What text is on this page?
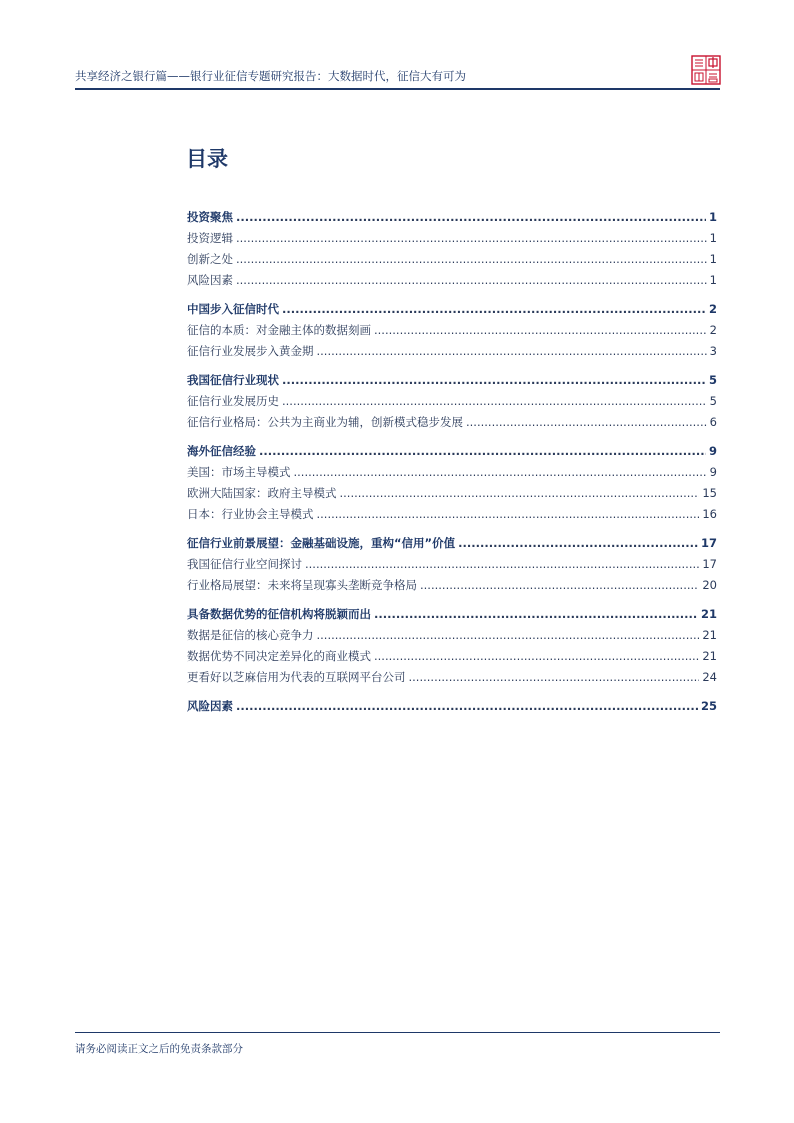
共享经济之银行篇——银行业征信专题研究报告：大数据时代，征信大有可为
目录
投资聚焦 .....	1
投资逻辑 .....	1
创新之处 .....	1
风险因素 .....	1
中国步入征信时代 .....	2
征信的本质：对金融主体的数据刻画 .....	2
征信行业发展步入黄金期 .....	3
我国征信行业现状 .....	5
征信行业发展历史 .....	5
征信行业格局：公共为主商业为辅，创新模式稳步发展 .....	6
海外征信经验 .....	9
美国：市场主导模式 .....	9
欧洲大陆国家：政府主导模式 .....	15
日本：行业协会主导模式 .....	16
征信行业前景展望：金融基础设施，重构“信用”价值 .....	17
我国征信行业空间探讨 .....	17
行业格局展望：未来将呈现寡头垄断竞争格局 .....	20
具备数据优势的征信机构将脱颖而出 .....	21
数据是征信的核心竞争力 .....	21
数据优势不同决定差异化的商业模式 .....	21
更看好以芝麻信用为代表的互联网平台公司 .....	24
风险因素 .....	25
请务必阅读正文之后的免责条款部分
